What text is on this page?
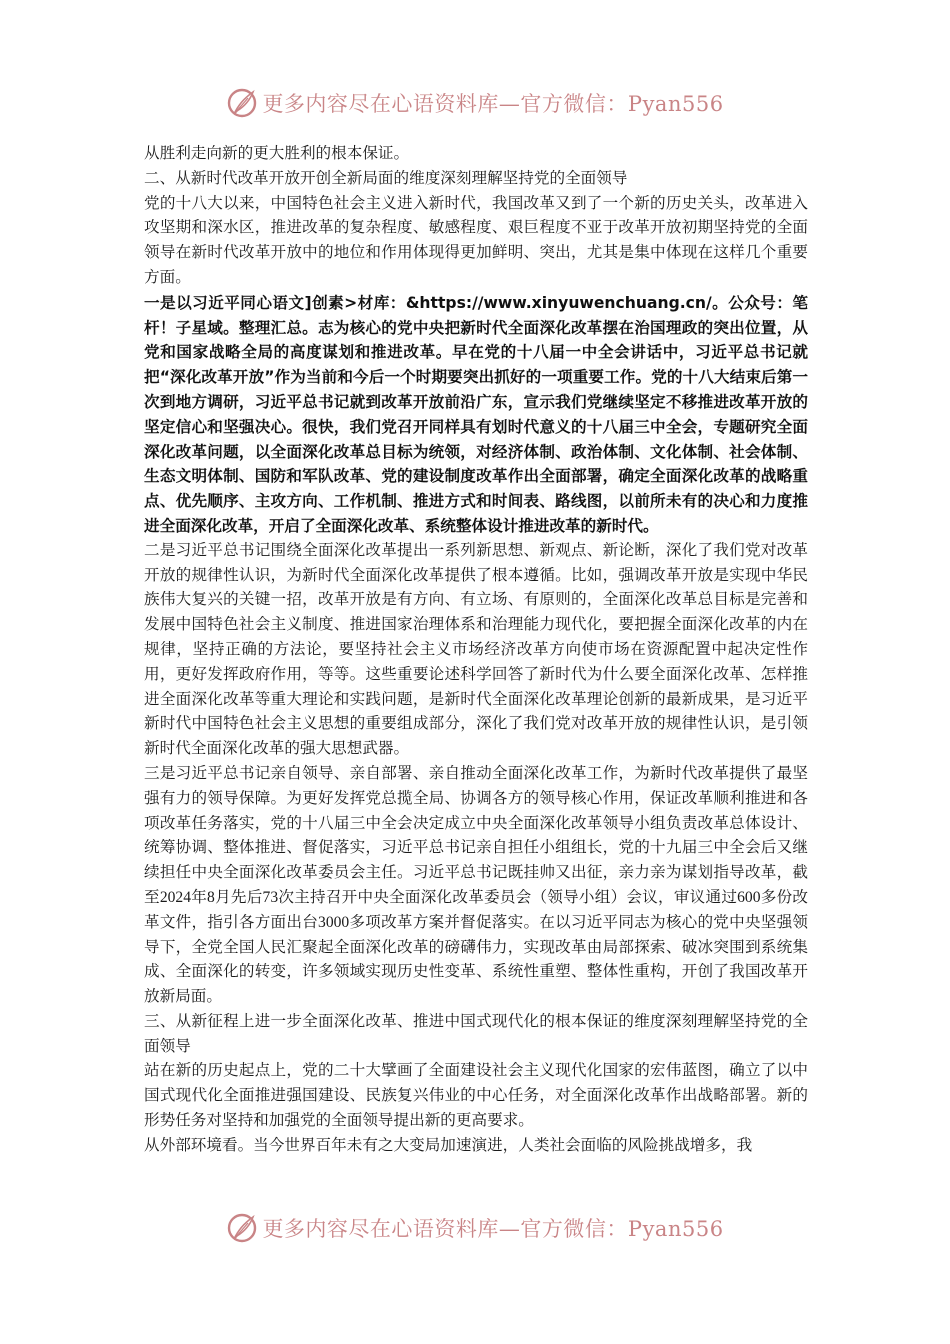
更多内容尽在心语资料库—官方微信：Pyan556

从胜利走向新的更大胜利的根本保证。

二、从新时代改革开放开创全新局面的维度深刻理解坚持党的全面领导

党的十八大以来，中国特色社会主义进入新时代，我国改革又到了一个新的历史关头，改革进入攻坚期和深水区，推进改革的复杂程度、敏感程度、艰巨程度不亚于改革开放初期坚持党的全面领导在新时代改革开放中的地位和作用体现得更加鲜明、突出，尤其是集中体现在这样几个重要方面。

一是以习近平同心语文]创素>材库：&https://www.xinyuwenchuang.cn/。公众号：笔杆！子星域。整理汇总。志为核心的党中央把新时代全面深化改革摆在治国理政的突出位置，从党和国家战略全局的高度谋划和推进改革。早在党的十八届一中全会讲话中，习近平总书记就把“深化改革开放”作为当前和今后一个时期要突出抓好的一项重要工作。党的十八大结束后第一次到地方调研，习近平总书记就到改革开放前沿广东，宣示我们党继续坚定不移推进改革开放的坚定信心和坚强决心。很快，我们党召开同样具有划时代意义的十八届三中全会，专题研究全面深化改革问题，以全面深化改革总目标为统领，对经济体制、政治体制、文化体制、社会体制、生态文明体制、国防和军队改革、党的建设制度改革作出全面部署，确定全面深化改革的战略重点、优先顺序、主攻方向、工作机制、推进方式和时间表、路线图，以前所未有的决心和力度推进全面深化改革，开启了全面深化改革、系统整体设计推进改革的新时代。

二是习近平总书记围绕全面深化改革提出一系列新思想、新观点、新论断，深化了我们党对改革开放的规律性认识，为新时代全面深化改革提供了根本遵循。比如，强调改革开放是实现中华民族伟大复兴的关键一招，改革开放是有方向、有立场、有原则的，全面深化改革总目标是完善和发展中国特色社会主义制度、推进国家治理体系和治理能力现代化，要把握全面深化改革的内在规律，坚持正确的方法论，要坚持社会主义市场经济改革方向使市场在资源配置中起决定性作用，更好发挥政府作用，等等。这些重要论述科学回答了新时代为什么要全面深化改革、怎样推进全面深化改革等重大理论和实践问题，是新时代全面深化改革理论创新的最新成果，是习近平新时代中国特色社会主义思想的重要组成部分，深化了我们党对改革开放的规律性认识，是引领新时代全面深化改革的强大思想武器。

三是习近平总书记亲自领导、亲自部署、亲自推动全面深化改革工作，为新时代改革提供了最坚强有力的领导保障。为更好发挥党总揽全局、协调各方的领导核心作用，保证改革顺利推进和各项改革任务落实，党的十八届三中全会决定成立中央全面深化改革领导小组负责改革总体设计、统筹协调、整体推进、督促落实，习近平总书记亲自担任小组组长，党的十九届三中全会后又继续担任中央全面深化改革委员会主任。习近平总书记既挂帅又出征，亲力亲为谋划指导改革，截至2024年8月先后73次主持召开中央全面深化改革委员会（领导小组）会议，审议通过600多份改革文件，指引各方面出台3000多项改革方案并督促落实。在以习近平同志为核心的党中央坚强领导下，全党全国人民汇聚起全面深化改革的磅礴伟力，实现改革由局部探索、破冰突围到系统集成、全面深化的转变，许多领域实现历史性变革、系统性重塑、整体性重构，开创了我国改革开放新局面。

三、从新征程上进一步全面深化改革、推进中国式现代化的根本保证的维度深刻理解坚持党的全面领导

站在新的历史起点上，党的二十大擘画了全面建设社会主义现代化国家的宏伟蓝图，确立了以中国式现代化全面推进强国建设、民族复兴伟业的中心任务，对全面深化改革作出战略部署。新的形势任务对坚持和加强党的全面领导提出新的更高要求。

从外部环境看。当今世界百年未有之大变局加速演进，人类社会面临的风险挑战增多，我

更多内容尽在心语资料库—官方微信：Pyan556
